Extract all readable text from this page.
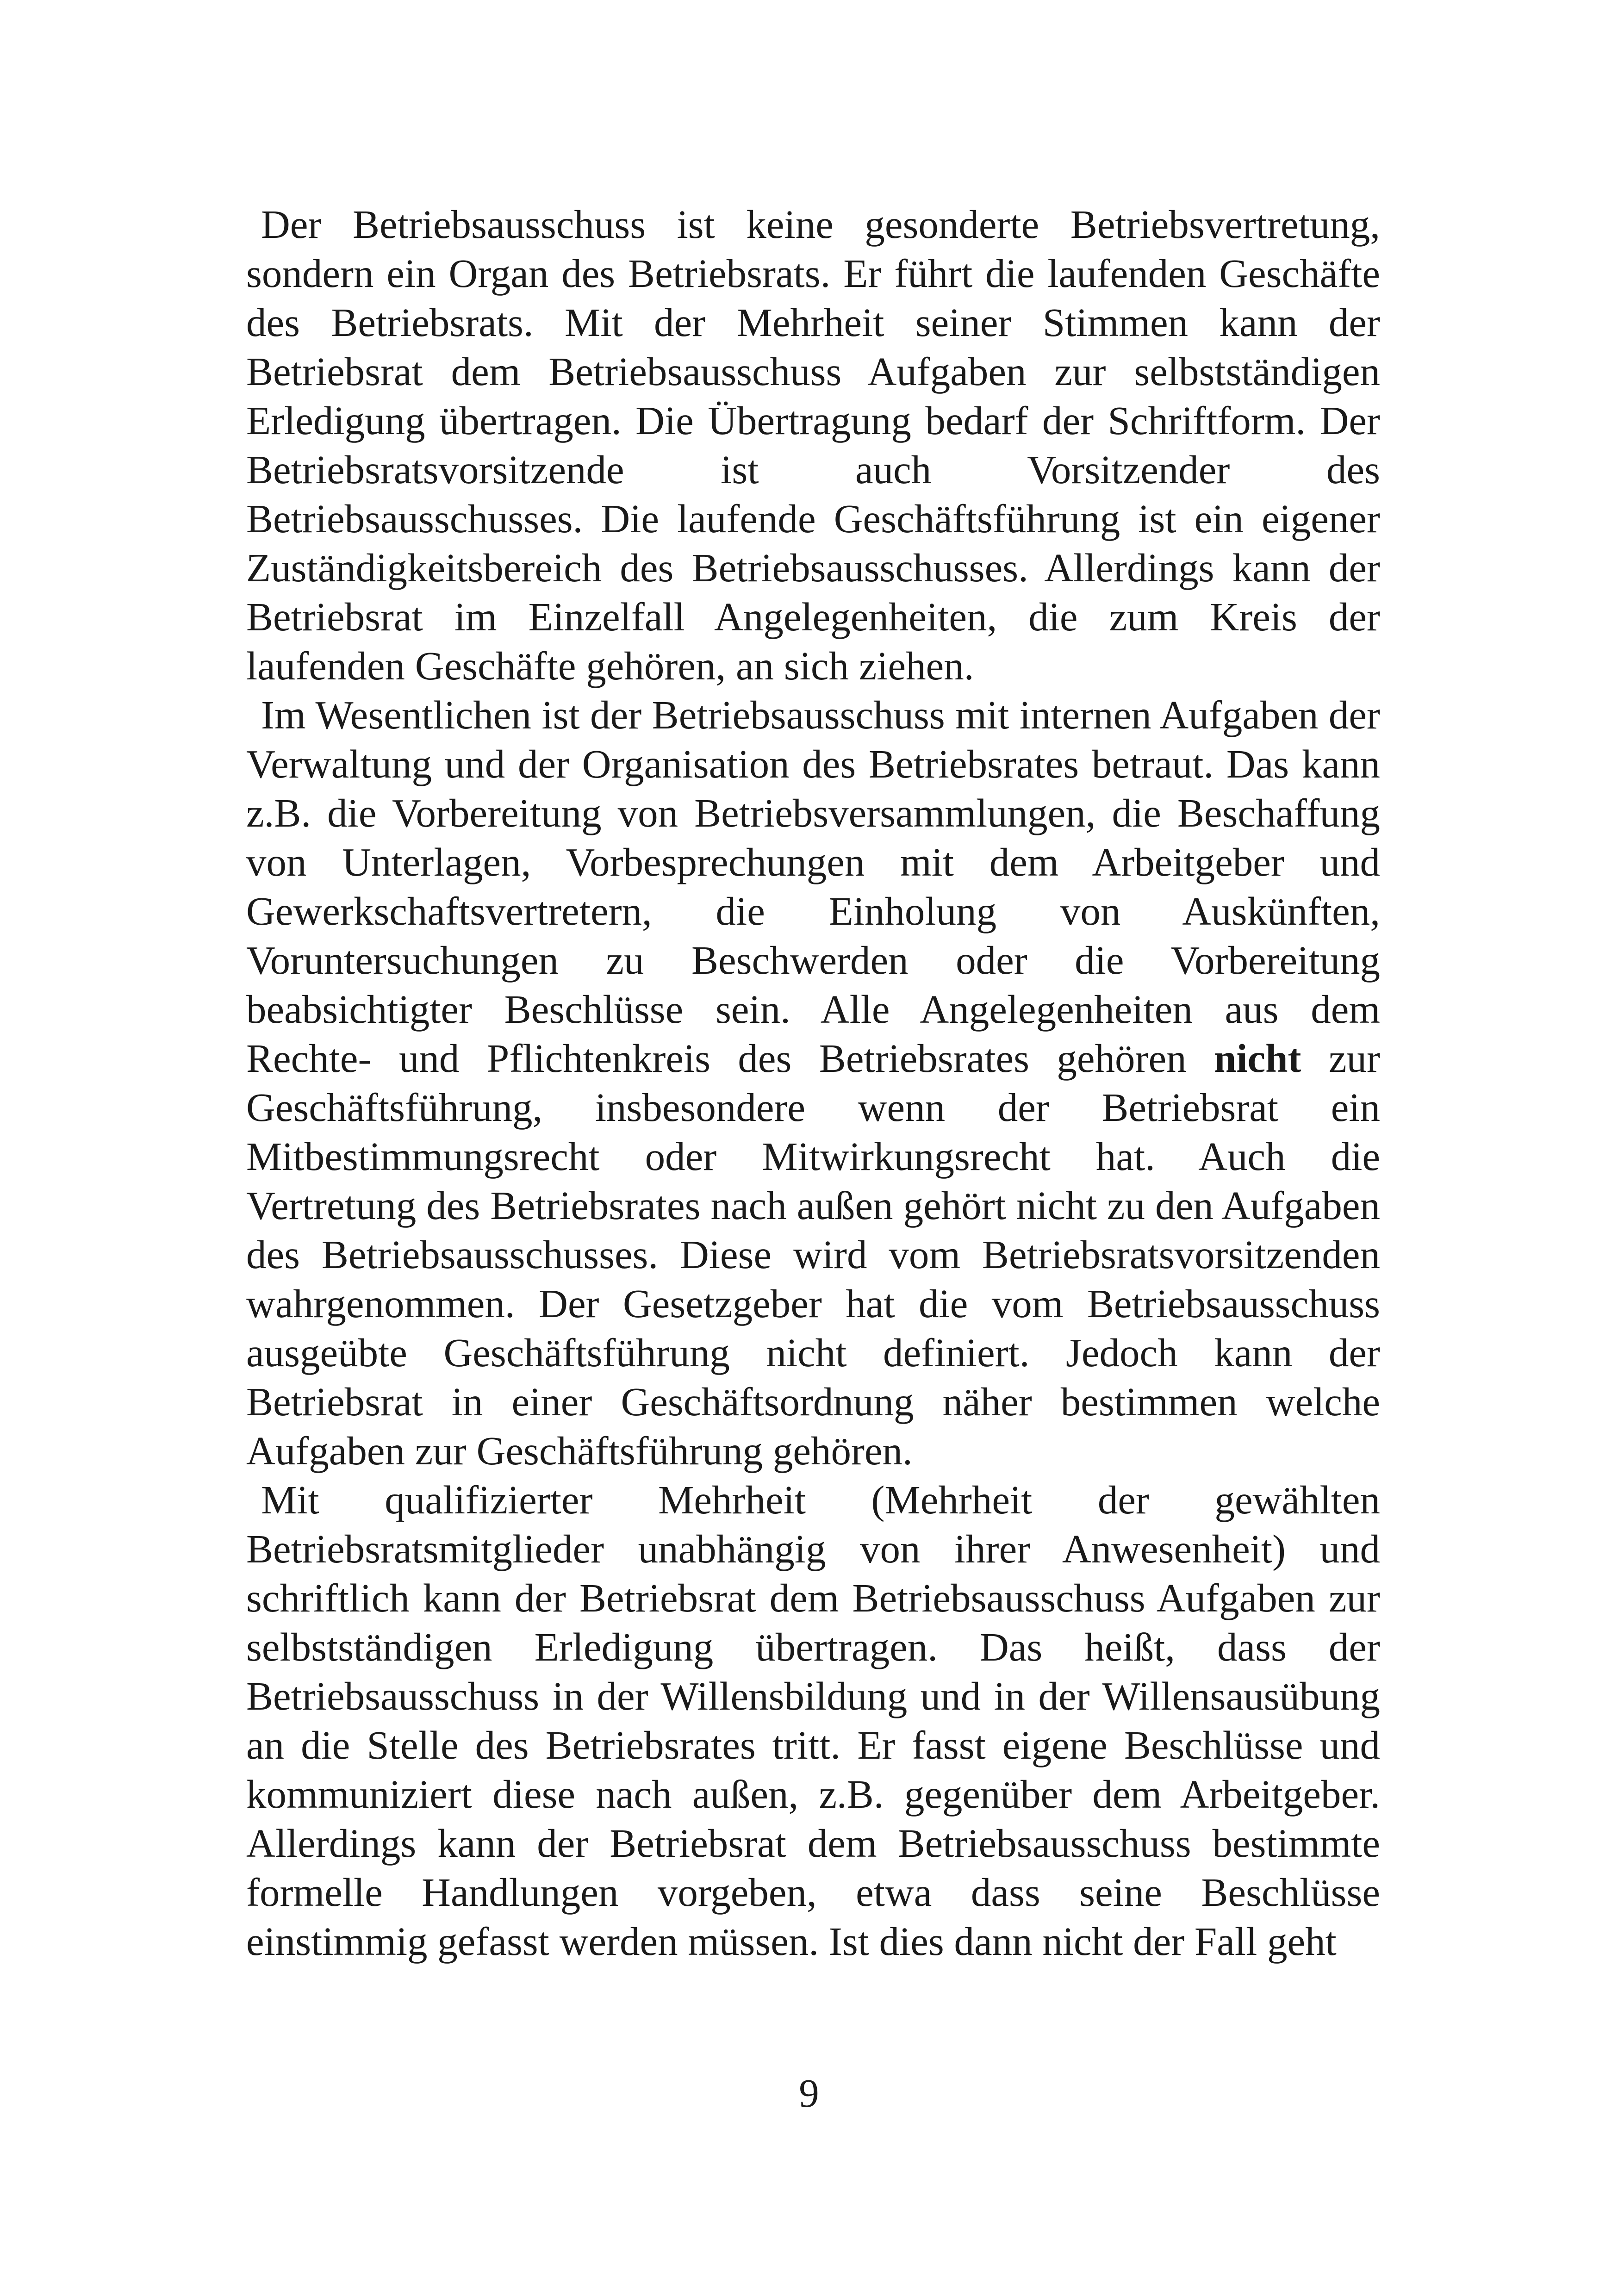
Der Betriebsausschuss ist keine gesonderte Betriebsvertretung, sondern ein Organ des Betriebsrats. Er führt die laufenden Geschäfte des Betriebsrats. Mit der Mehrheit seiner Stimmen kann der Betriebsrat dem Betriebsausschuss Aufgaben zur selbstständigen Erledigung übertragen. Die Übertragung bedarf der Schriftform. Der Betriebsratsvorsitzende ist auch Vorsitzender des Betriebsausschusses. Die laufende Geschäftsführung ist ein eigener Zuständigkeitsbereich des Betriebsausschusses. Allerdings kann der Betriebsrat im Einzelfall Angelegenheiten, die zum Kreis der laufenden Geschäfte gehören, an sich ziehen.

Im Wesentlichen ist der Betriebsausschuss mit internen Aufgaben der Verwaltung und der Organisation des Betriebsrates betraut. Das kann z.B. die Vorbereitung von Betriebsversammlungen, die Beschaffung von Unterlagen, Vorbesprechungen mit dem Arbeitgeber und Gewerkschaftsvertretern, die Einholung von Auskünften, Voruntersuchungen zu Beschwerden oder die Vorbereitung beabsichtigter Beschlüsse sein. Alle Angelegenheiten aus dem Rechte- und Pflichtenkreis des Betriebsrates gehören nicht zur Geschäftsführung, insbesondere wenn der Betriebsrat ein Mitbestimmungsrecht oder Mitwirkungsrecht hat. Auch die Vertretung des Betriebsrates nach außen gehört nicht zu den Aufgaben des Betriebsausschusses. Diese wird vom Betriebsratsvorsitzenden wahrgenommen. Der Gesetzgeber hat die vom Betriebsausschuss ausgeübte Geschäftsführung nicht definiert. Jedoch kann der Betriebsrat in einer Geschäftsordnung näher bestimmen welche Aufgaben zur Geschäftsführung gehören.

Mit qualifizierter Mehrheit (Mehrheit der gewählten Betriebsratsmitglieder unabhängig von ihrer Anwesenheit) und schriftlich kann der Betriebsrat dem Betriebsausschuss Aufgaben zur selbstständigen Erledigung übertragen. Das heißt, dass der Betriebsausschuss in der Willensbildung und in der Willensausübung an die Stelle des Betriebsrates tritt. Er fasst eigene Beschlüsse und kommuniziert diese nach außen, z.B. gegenüber dem Arbeitgeber. Allerdings kann der Betriebsrat dem Betriebsausschuss bestimmte formelle Handlungen vorgeben, etwa dass seine Beschlüsse einstimmig gefasst werden müssen. Ist dies dann nicht der Fall geht

9
